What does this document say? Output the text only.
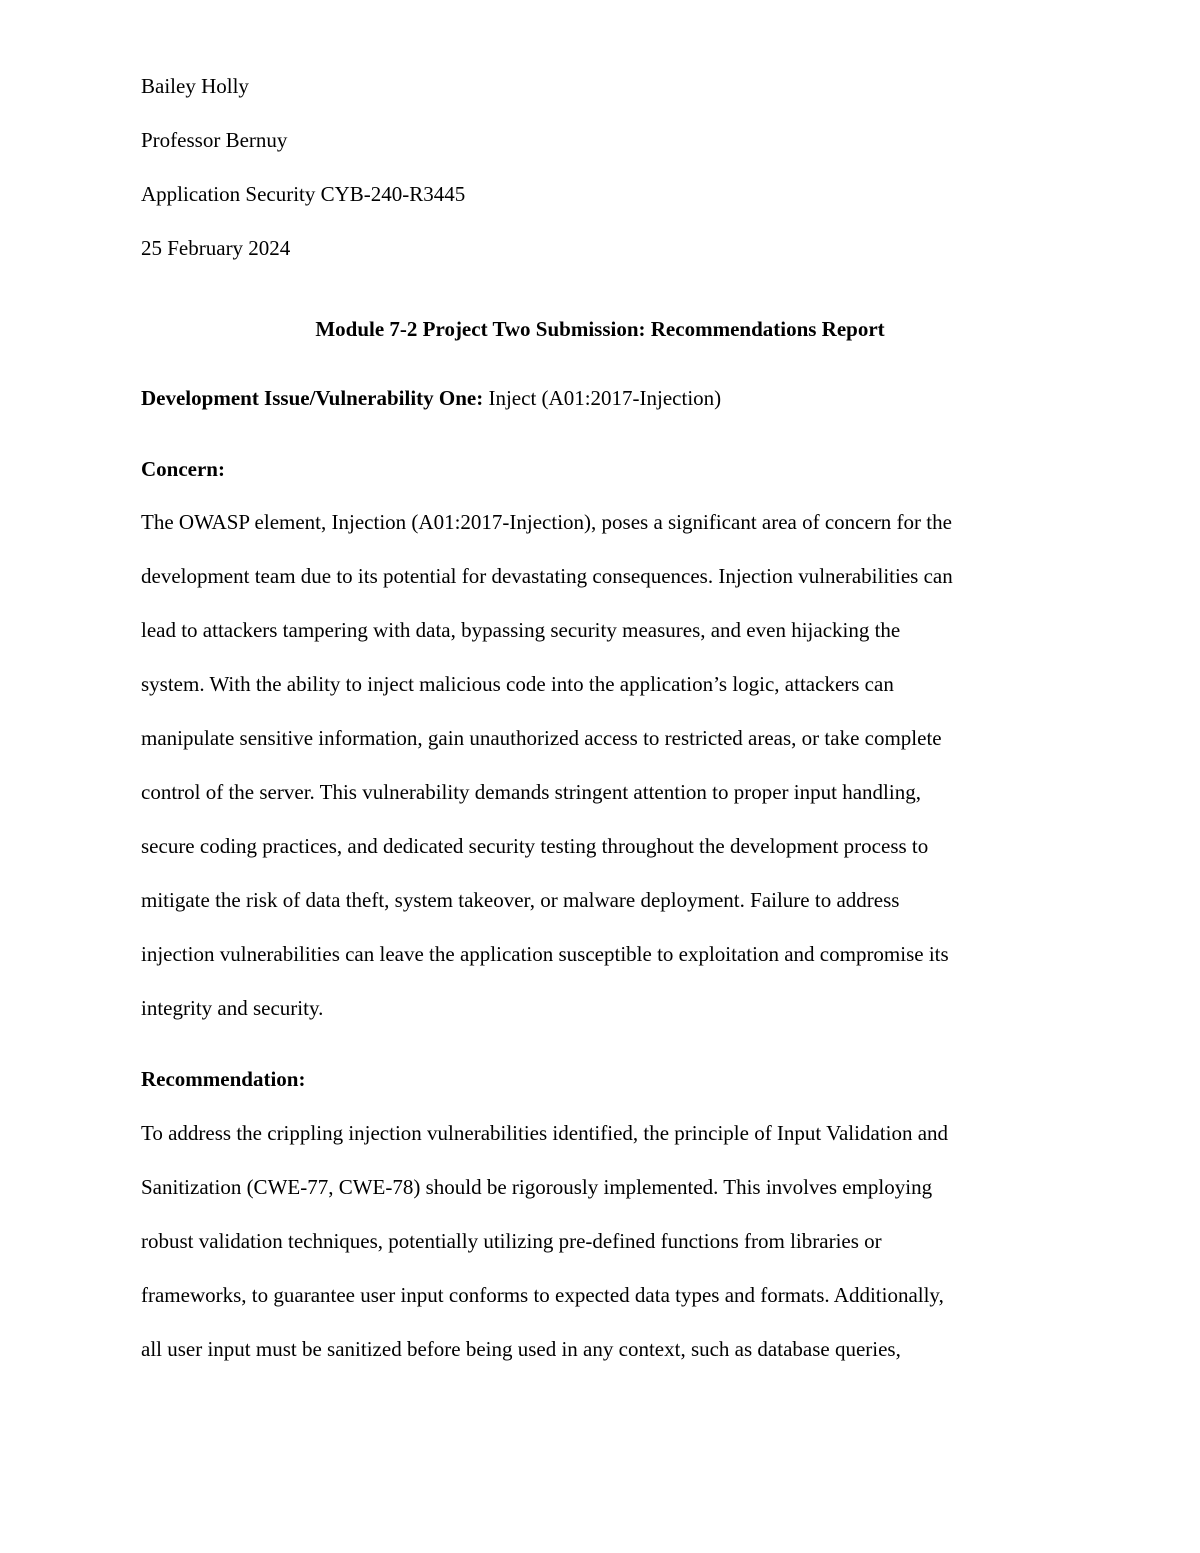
Bailey Holly
Professor Bernuy
Application Security CYB-240-R3445
25 February 2024
Module 7-2 Project Two Submission: Recommendations Report
Development Issue/Vulnerability One: Inject (A01:2017-Injection)
Concern:
The OWASP element, Injection (A01:2017-Injection), poses a significant area of concern for the
development team due to its potential for devastating consequences. Injection vulnerabilities can
lead to attackers tampering with data, bypassing security measures, and even hijacking the
system. With the ability to inject malicious code into the application’s logic, attackers can
manipulate sensitive information, gain unauthorized access to restricted areas, or take complete
control of the server. This vulnerability demands stringent attention to proper input handling,
secure coding practices, and dedicated security testing throughout the development process to
mitigate the risk of data theft, system takeover, or malware deployment. Failure to address
injection vulnerabilities can leave the application susceptible to exploitation and compromise its
integrity and security.
Recommendation:
To address the crippling injection vulnerabilities identified, the principle of Input Validation and
Sanitization (CWE-77, CWE-78) should be rigorously implemented. This involves employing
robust validation techniques, potentially utilizing pre-defined functions from libraries or
frameworks, to guarantee user input conforms to expected data types and formats. Additionally,
all user input must be sanitized before being used in any context, such as database queries,
